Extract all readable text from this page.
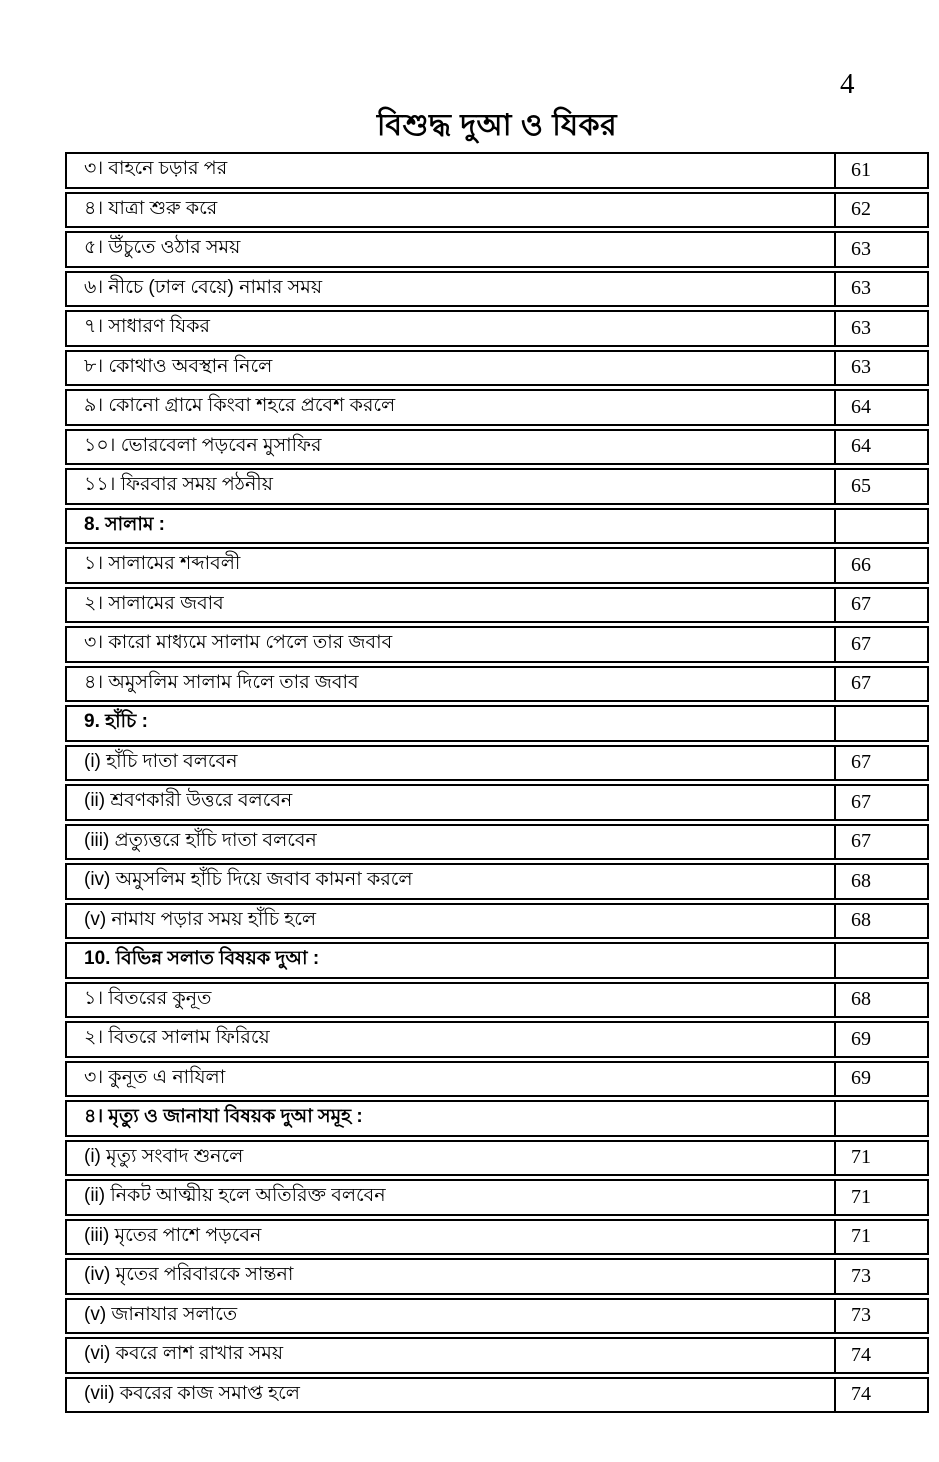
4
বিশুদ্ধ দুআ ও যিকর
৩। বাহনে চড়ার পর	61
৪। যাত্রা শুরু করে	62
৫। উঁচুতে ওঠার সময়	63
৬। নীচে (ঢাল বেয়ে) নামার সময়	63
৭। সাধারণ যিকর	63
৮। কোথাও অবস্থান নিলে	63
৯। কোনো গ্রামে কিংবা শহরে প্রবেশ করলে	64
১০। ভোরবেলা পড়বেন মুসাফির	64
১১। ফিরবার সময় পঠনীয়	65
8. সালাম :
১। সালামের শব্দাবলী	66
২। সালামের জবাব	67
৩। কারো মাধ্যমে সালাম পেলে তার জবাব	67
৪। অমুসলিম সালাম দিলে তার জবাব	67
9. হাঁচি :
(i) হাঁচি দাতা বলবেন	67
(ii) শ্রবণকারী উত্তরে বলবেন	67
(iii) প্রত্যুত্তরে হাঁচি দাতা বলবেন	67
(iv) অমুসলিম হাঁচি দিয়ে জবাব কামনা করলে	68
(v) নামায পড়ার সময় হাঁচি হলে	68
10. বিভিন্ন সলাত বিষয়ক দুআ :
১। বিতরের কুনূত	68
২। বিতরে সালাম ফিরিয়ে	69
৩। কুনূত এ নাযিলা	69
৪। মৃত্যু ও জানাযা বিষয়ক দুআ সমূহ :
(i) মৃত্যু সংবাদ শুনলে	71
(ii) নিকট আত্মীয় হলে অতিরিক্ত বলবেন	71
(iii) মৃতের পাশে পড়বেন	71
(iv) মৃতের পরিবারকে সান্তনা	73
(v) জানাযার সলাতে	73
(vi) কবরে লাশ রাখার সময়	74
(vii) কবরের কাজ সমাপ্ত হলে	74
